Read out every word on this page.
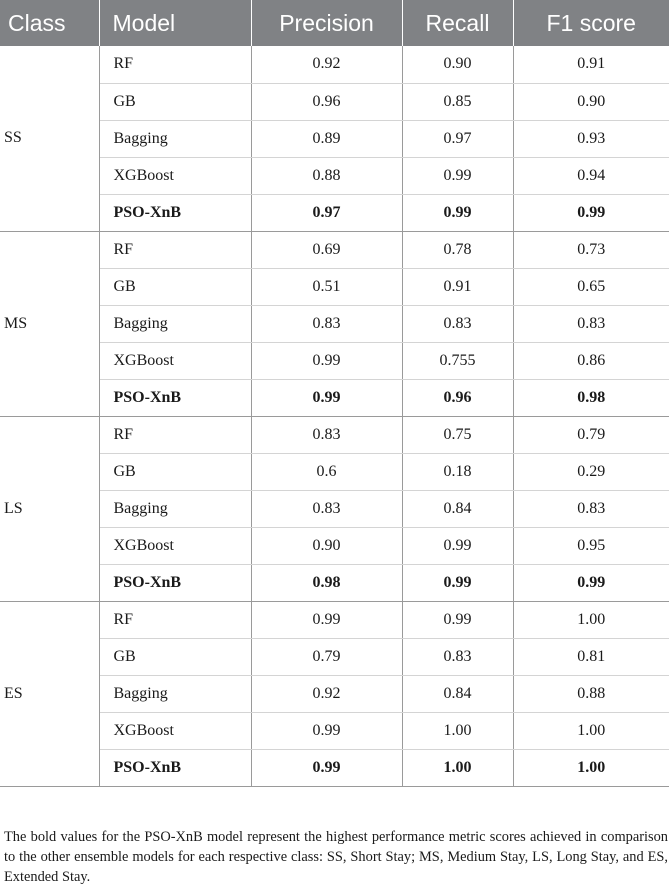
Class	Model	Precision	Recall	F1 score
SS	RF	0.92	0.90	0.91
	GB	0.96	0.85	0.90
	Bagging	0.89	0.97	0.93
	XGBoost	0.88	0.99	0.94
	PSO-XnB	0.97	0.99	0.99
MS	RF	0.69	0.78	0.73
	GB	0.51	0.91	0.65
	Bagging	0.83	0.83	0.83
	XGBoost	0.99	0.755	0.86
	PSO-XnB	0.99	0.96	0.98
LS	RF	0.83	0.75	0.79
	GB	0.6	0.18	0.29
	Bagging	0.83	0.84	0.83
	XGBoost	0.90	0.99	0.95
	PSO-XnB	0.98	0.99	0.99
ES	RF	0.99	0.99	1.00
	GB	0.79	0.83	0.81
	Bagging	0.92	0.84	0.88
	XGBoost	0.99	1.00	1.00
	PSO-XnB	0.99	1.00	1.00

The bold values for the PSO-XnB model represent the highest performance metric scores achieved in comparison to the other ensemble models for each respective class: SS, Short Stay; MS, Medium Stay, LS, Long Stay, and ES, Extended Stay.
